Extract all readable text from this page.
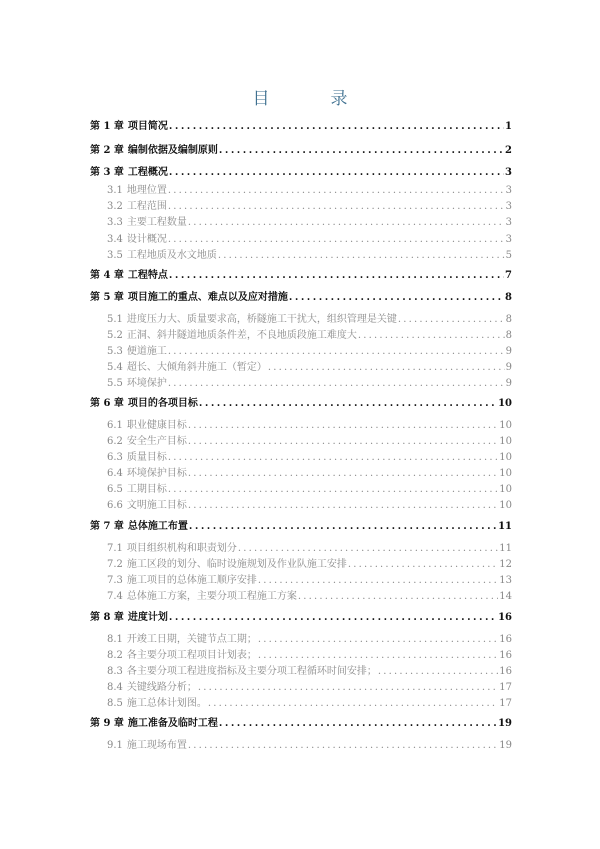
目　录
第 1 章 项目简况 . . .	1
第 2 章 编制依据及编制原则 . . .	2
第 3 章 工程概况 . . .	3
3.1 地理位置 . . .	3
3.2 工程范围 . . .	3
3.3 主要工程数量 . . .	3
3.4 设计概况 . . .	3
3.5 工程地质及水文地质 . . .	5
第 4 章 工程特点 . . .	7
第 5 章 项目施工的重点、难点以及应对措施 . . .	8
5.1 进度压力大、质量要求高，桥隧施工干扰大，组织管理是关键 . . .	8
5.2 正洞、斜井隧道地质条件差，不良地质段施工难度大 . . .	8
5.3 便道施工 . . .	9
5.4 超长、大倾角斜井施工（暂定） . . .	9
5.5 环境保护 . . .	9
第 6 章 项目的各项目标 . . .	10
6.1 职业健康目标 . . .	10
6.2 安全生产目标 . . .	10
6.3 质量目标 . . .	10
6.4 环境保护目标 . . .	10
6.5 工期目标 . . .	10
6.6 文明施工目标 . . .	10
第 7 章 总体施工布置 . . .	11
7.1 项目组织机构和职责划分 . . .	11
7.2 施工区段的划分、临时设施规划及作业队施工安排 . . .	12
7.3 施工项目的总体施工顺序安排 . . .	13
7.4 总体施工方案，主要分项工程施工方案 . . .	14
第 8 章 进度计划 . . .	16
8.1 开竣工日期，关键节点工期； . . .	16
8.2 各主要分项工程项目计划表； . . .	16
8.3 各主要分项工程进度指标及主要分项工程循环时间安排； . . .	16
8.4 关键线路分析； . . .	17
8.5 施工总体计划图。 . . .	17
第 9 章 施工准备及临时工程 . . .	19
9.1 施工现场布置 . . .	19
